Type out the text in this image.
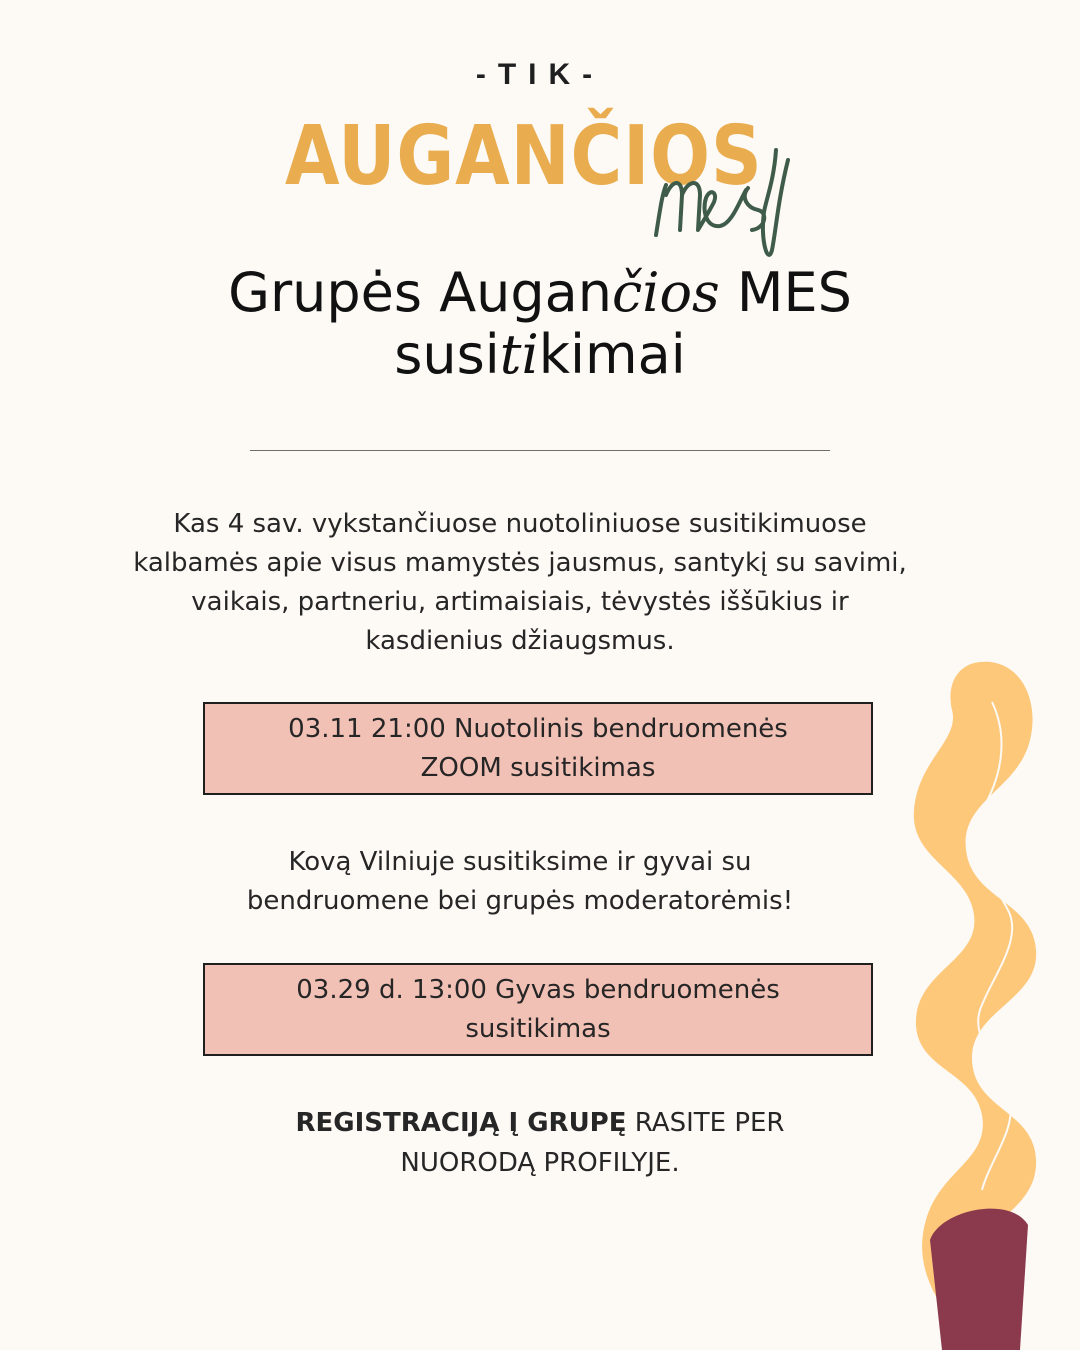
-TIK-
AUGANČIOS
Grupės Augančios MES
susitikimai

Kas 4 sav. vykstančiuose nuotoliniuose susitikimuose kalbamės apie visus mamystės jausmus, santykį su savimi, vaikais, partneriu, artimaisiais, tėvystės iššūkius ir kasdienius džiaugsmus.

03.11 21:00 Nuotolinis bendruomenės ZOOM susitikimas

Kovą Vilniuje susitiksime ir gyvai su bendruomene bei grupės moderatorėmis!

03.29 d. 13:00 Gyvas bendruomenės susitikimas

REGISTRACIJĄ Į GRUPĘ RASITE PER NUORODĄ PROFILYJE.
